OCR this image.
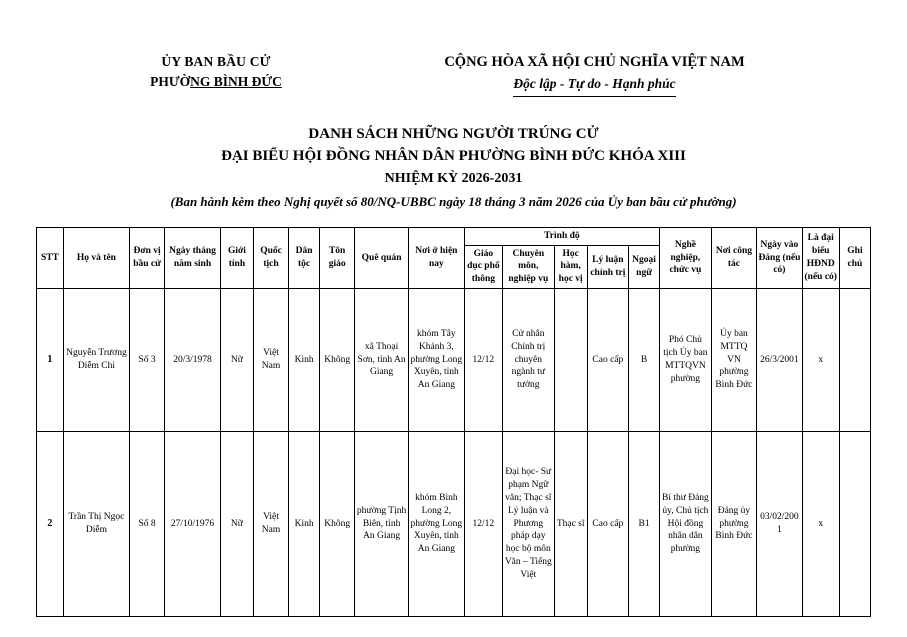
ỦY BAN BẦU CỬ
PHƯỜNG BÌNH ĐỨC
CỘNG HÒA XÃ HỘI CHỦ NGHĨA VIỆT NAM
Độc lập - Tự do - Hạnh phúc
DANH SÁCH NHỮNG NGƯỜI TRÚNG CỬ
ĐẠI BIỂU HỘI ĐỒNG NHÂN DÂN PHƯỜNG BÌNH ĐỨC KHÓA XIII
NHIỆM KỲ 2026-2031
(Ban hành kèm theo Nghị quyết số 80/NQ-UBBC ngày 18 tháng 3 năm 2026 của Ủy ban bầu cử phường)
STT	Họ và tên	Đơn vị bầu cử	Ngày tháng năm sinh	Giới tính	Quốc tịch	Dân tộc	Tôn giáo	Quê quán	Nơi ở hiện nay	Trình độ					Nghề nghiệp, chức vụ	Nơi công tác	Ngày vào Đảng (nếu có)	Là đại biểu HĐND (nếu có)	Ghi chú
										Giáo dục phổ thông	Chuyên môn, nghiệp vụ	Học hàm, học vị	Lý luận chính trị	Ngoại ngữ					
1	Nguyễn Trương Diễm Chi	Số 3	20/3/1978	Nữ	Việt Nam	Kinh	Không	xã Thoại Sơn, tỉnh An Giang	khóm Tây Khánh 3, phường Long Xuyên, tỉnh An Giang	12/12	Cử nhân Chính trị chuyên ngành tư tưởng		Cao cấp	B	Phó Chủ tịch Ủy ban MTTQVN phường	Ủy ban MTTQ VN phường Bình Đức	26/3/2001	x	
2	Trần Thị Ngọc Diễm	Số 8	27/10/1976	Nữ	Việt Nam	Kinh	Không	phường Tịnh Biên, tỉnh An Giang	khóm Bình Long 2, phường Long Xuyên, tỉnh An Giang	12/12	Đại học- Sư phạm Ngữ văn; Thạc sĩ Lý luận và Phương pháp dạy học bộ môn Văn – Tiếng Việt	Thạc sĩ	Cao cấp	B1	Bí thư Đảng ủy, Chủ tịch Hội đồng nhân dân phường	Đảng ủy phường Bình Đức	03/02/2001	x	
